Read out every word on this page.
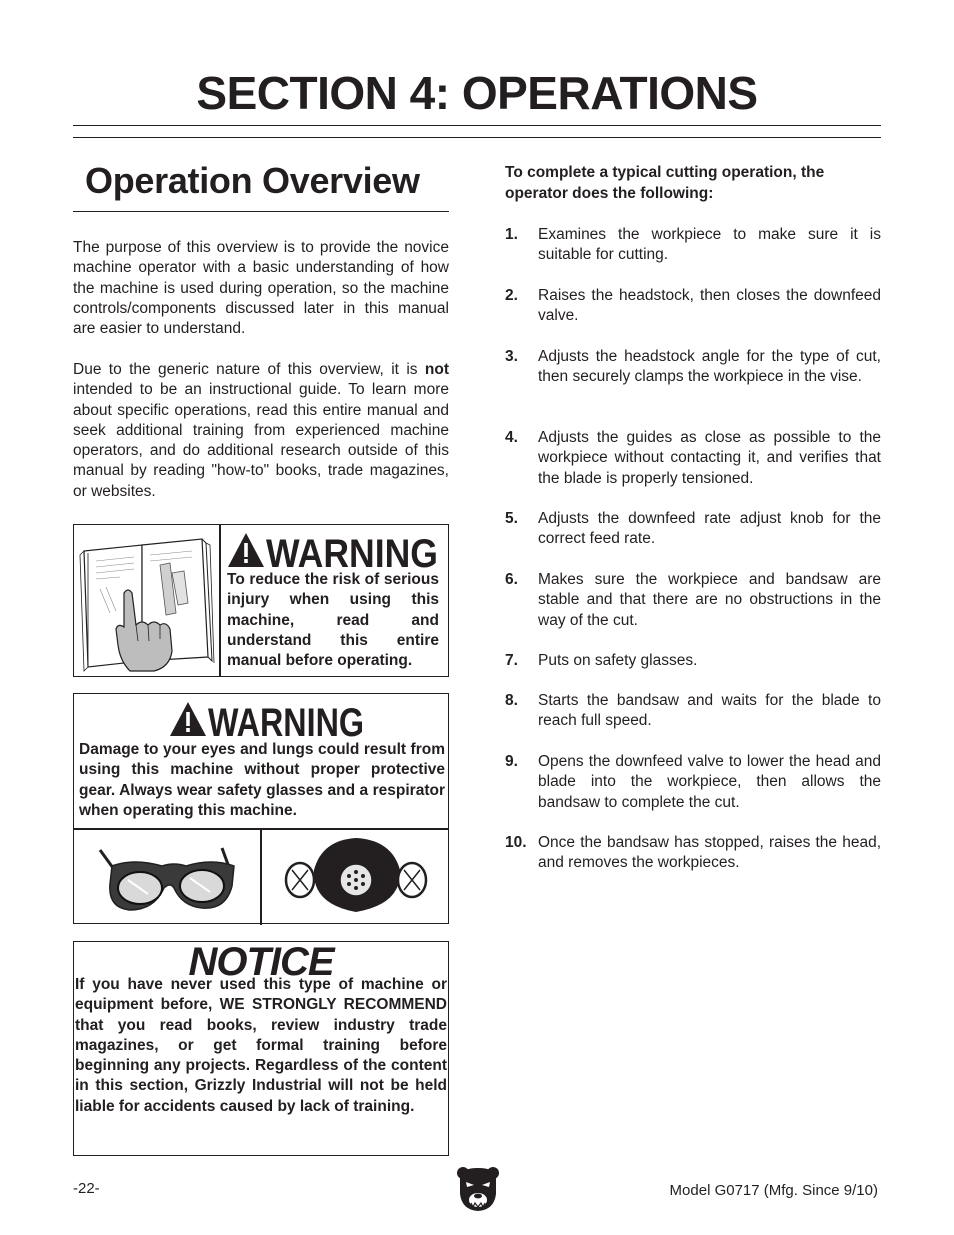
SECTION 4: OPERATIONS
Operation Overview

The purpose of this overview is to provide the novice machine operator with a basic understanding of how the machine is used during operation, so the machine controls/components discussed later in this manual are easier to understand.

Due to the generic nature of this overview, it is not intended to be an instructional guide. To learn more about specific operations, read this entire manual and seek additional training from experienced machine operators, and do additional research outside of this manual by reading "how-to" books, trade magazines, or websites.

WARNING
To reduce the risk of serious injury when using this machine, read and understand this entire manual before operating.
WARNING
Damage to your eyes and lungs could result from using this machine without proper protective gear. Always wear safety glasses and a respirator when operating this machine.
NOTICE
If you have never used this type of machine or equipment before, WE STRONGLY RECOMMEND that you read books, review industry trade magazines, or get formal training before beginning any projects. Regardless of the content in this section, Grizzly Industrial will not be held liable for accidents caused by lack of training.
To complete a typical cutting operation, the operator does the following:
1. Examines the workpiece to make sure it is suitable for cutting.
2. Raises the headstock, then closes the downfeed valve.
3. Adjusts the headstock angle for the type of cut, then securely clamps the workpiece in the vise.
4. Adjusts the guides as close as possible to the workpiece without contacting it, and verifies that the blade is properly tensioned.
5. Adjusts the downfeed rate adjust knob for the correct feed rate.
6. Makes sure the workpiece and bandsaw are stable and that there are no obstructions in the way of the cut.
7. Puts on safety glasses.
8. Starts the bandsaw and waits for the blade to reach full speed.
9. Opens the downfeed valve to lower the head and blade into the workpiece, then allows the bandsaw to complete the cut.
10. Once the bandsaw has stopped, raises the head, and removes the workpieces.
-22-	Model G0717 (Mfg. Since 9/10)
